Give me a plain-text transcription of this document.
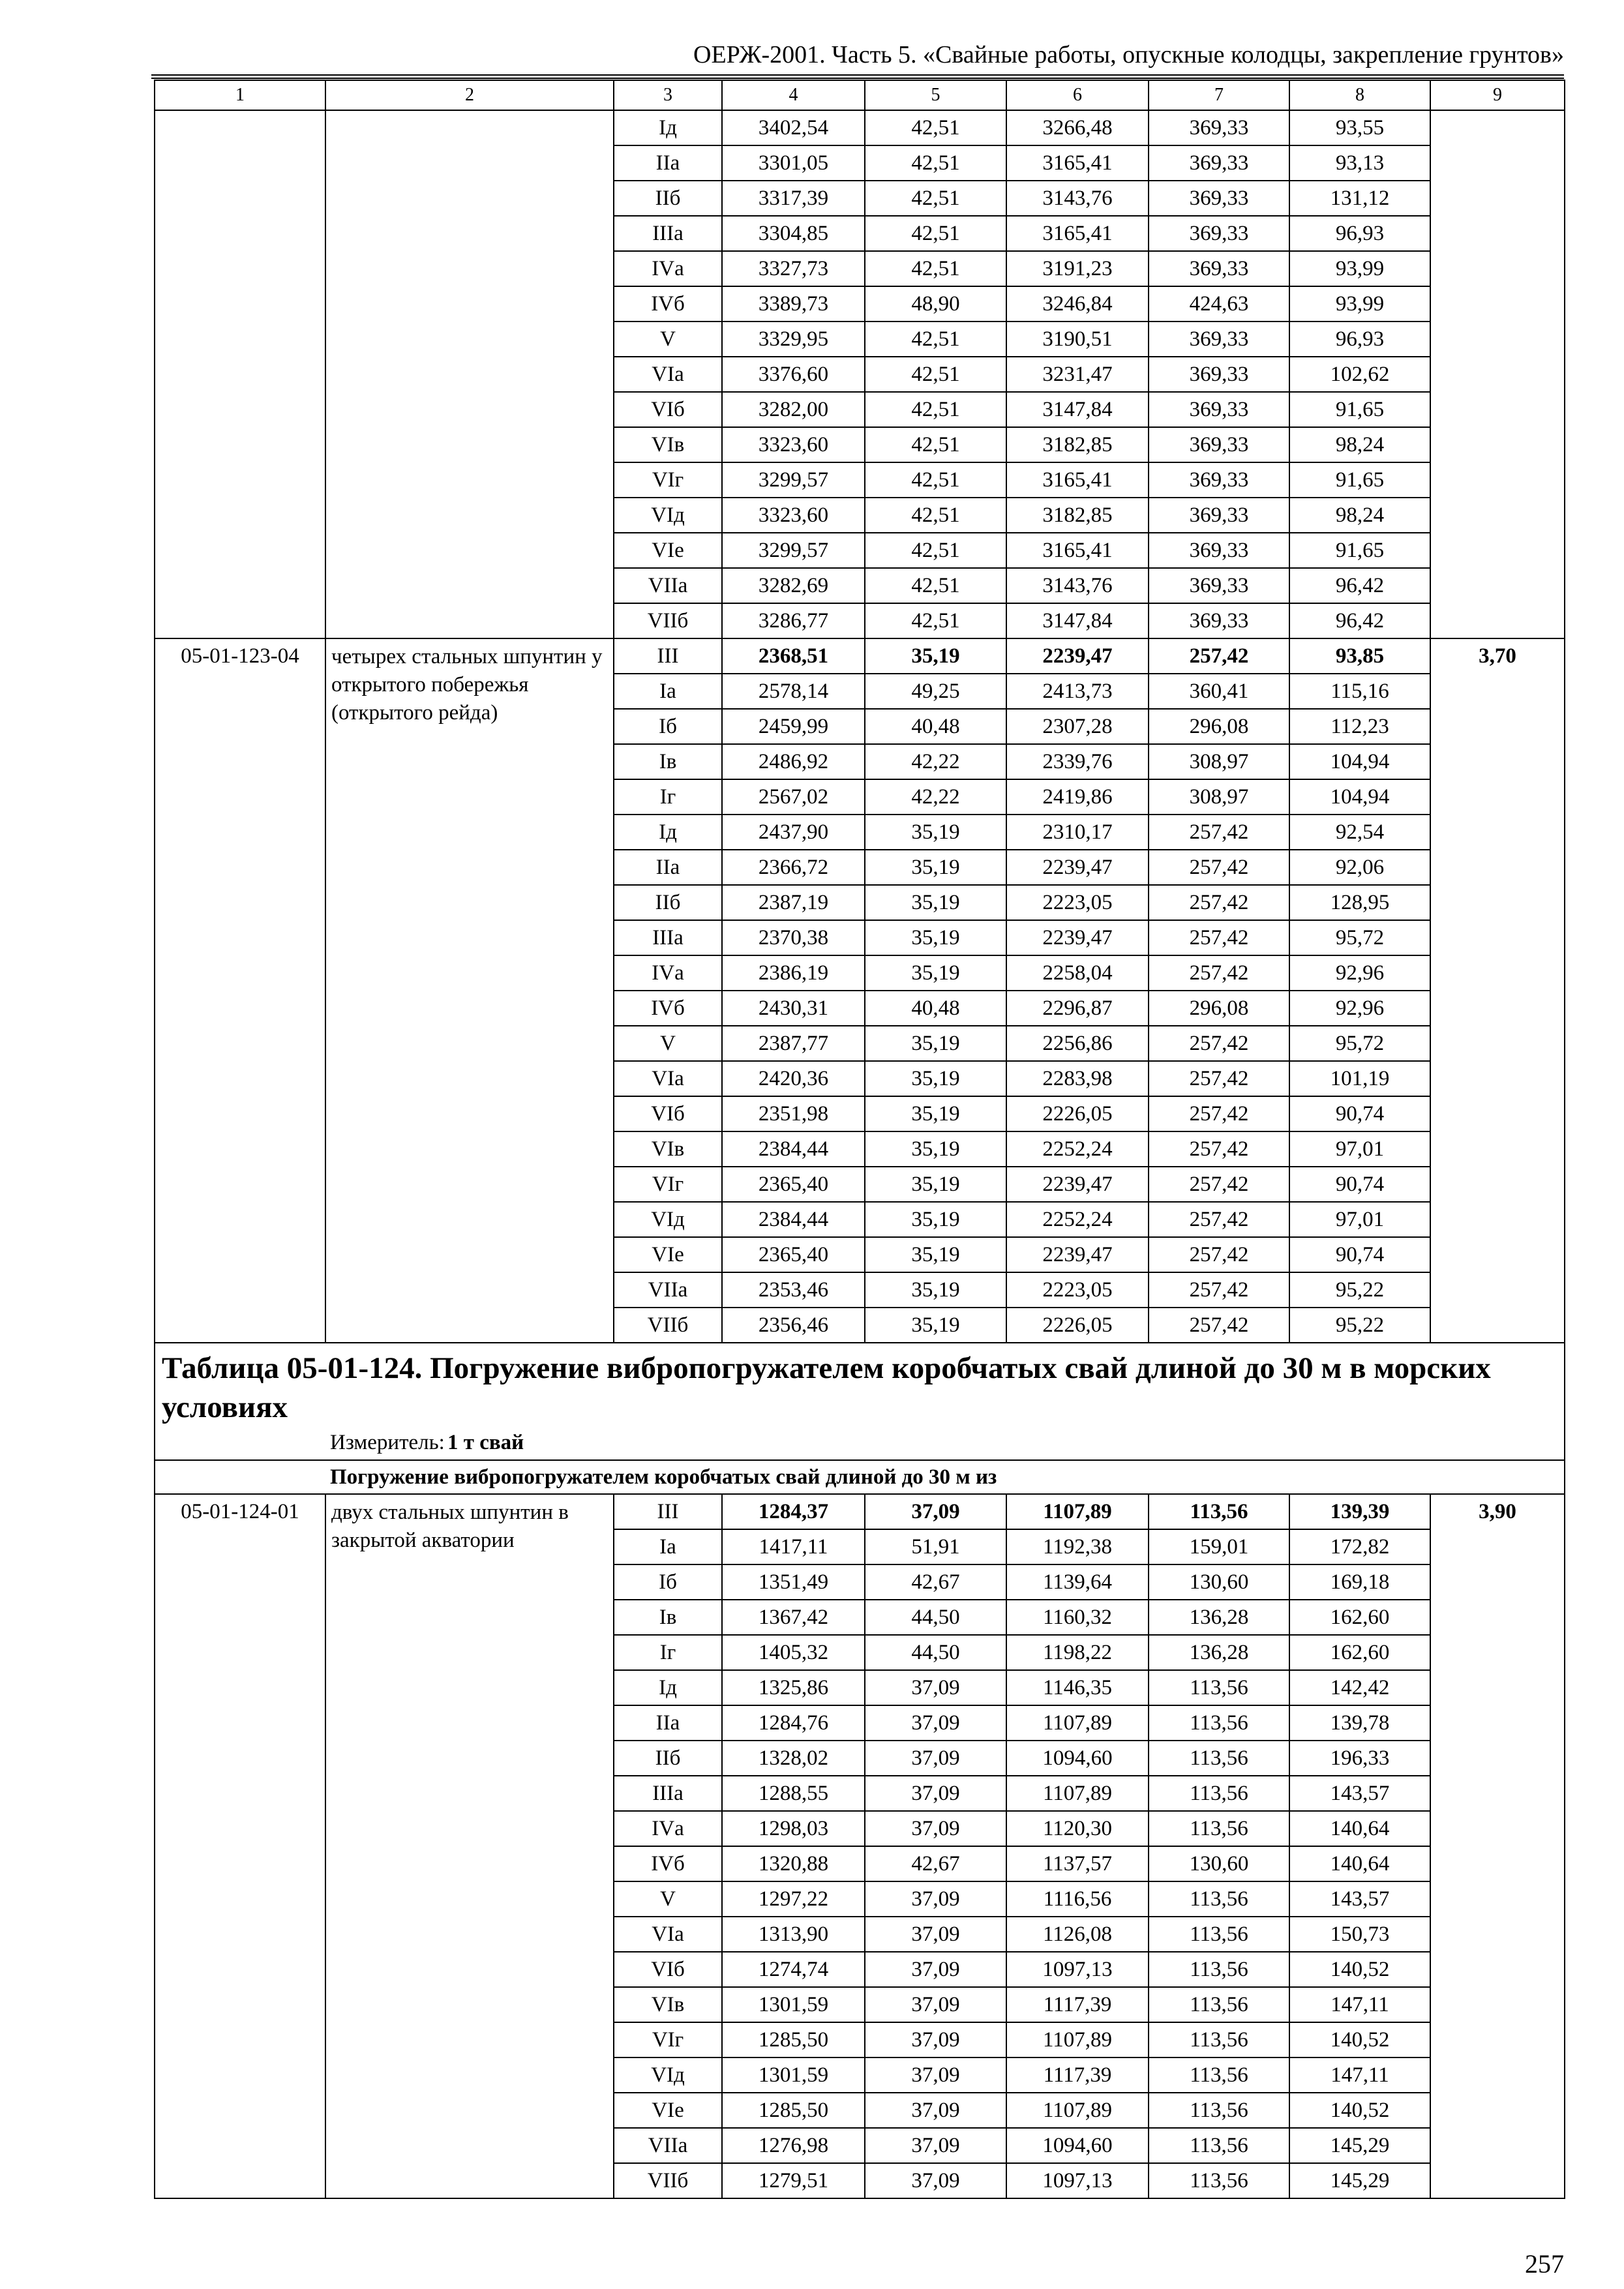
ОЕРЖ-2001. Часть 5. «Свайные работы, опускные колодцы, закрепление грунтов»
1	2	3	4	5	6	7	8	9
		Iд	3402,54	42,51	3266,48	369,33	93,55	
		IIа	3301,05	42,51	3165,41	369,33	93,13	
		IIб	3317,39	42,51	3143,76	369,33	131,12	
		IIIа	3304,85	42,51	3165,41	369,33	96,93	
		IVа	3327,73	42,51	3191,23	369,33	93,99	
		IVб	3389,73	48,90	3246,84	424,63	93,99	
		V	3329,95	42,51	3190,51	369,33	96,93	
		VIа	3376,60	42,51	3231,47	369,33	102,62	
		VIб	3282,00	42,51	3147,84	369,33	91,65	
		VIв	3323,60	42,51	3182,85	369,33	98,24	
		VIг	3299,57	42,51	3165,41	369,33	91,65	
		VIд	3323,60	42,51	3182,85	369,33	98,24	
		VIе	3299,57	42,51	3165,41	369,33	91,65	
		VIIа	3282,69	42,51	3143,76	369,33	96,42	
		VIIб	3286,77	42,51	3147,84	369,33	96,42	
05-01-123-04	четырех стальных шпунтин у открытого побережья (открытого рейда)	III	2368,51	35,19	2239,47	257,42	93,85	3,70
		Iа	2578,14	49,25	2413,73	360,41	115,16	
		Iб	2459,99	40,48	2307,28	296,08	112,23	
		Iв	2486,92	42,22	2339,76	308,97	104,94	
		Iг	2567,02	42,22	2419,86	308,97	104,94	
		Iд	2437,90	35,19	2310,17	257,42	92,54	
		IIа	2366,72	35,19	2239,47	257,42	92,06	
		IIб	2387,19	35,19	2223,05	257,42	128,95	
		IIIа	2370,38	35,19	2239,47	257,42	95,72	
		IVа	2386,19	35,19	2258,04	257,42	92,96	
		IVб	2430,31	40,48	2296,87	296,08	92,96	
		V	2387,77	35,19	2256,86	257,42	95,72	
		VIа	2420,36	35,19	2283,98	257,42	101,19	
		VIб	2351,98	35,19	2226,05	257,42	90,74	
		VIв	2384,44	35,19	2252,24	257,42	97,01	
		VIг	2365,40	35,19	2239,47	257,42	90,74	
		VIд	2384,44	35,19	2252,24	257,42	97,01	
		VIе	2365,40	35,19	2239,47	257,42	90,74	
		VIIа	2353,46	35,19	2223,05	257,42	95,22	
		VIIб	2356,46	35,19	2226,05	257,42	95,22	

Таблица 05-01-124. Погружение вибропогружателем коробчатых свай длиной до 30 м в морских условиях
Измеритель: 1 т свай								

Погружение вибропогружателем коробчатых свай длиной до 30 м из								
05-01-124-01	двух стальных шпунтин в закрытой акватории	III	1284,37	37,09	1107,89	113,56	139,39	3,90
		Iа	1417,11	51,91	1192,38	159,01	172,82	
		Iб	1351,49	42,67	1139,64	130,60	169,18	
		Iв	1367,42	44,50	1160,32	136,28	162,60	
		Iг	1405,32	44,50	1198,22	136,28	162,60	
		Iд	1325,86	37,09	1146,35	113,56	142,42	
		IIа	1284,76	37,09	1107,89	113,56	139,78	
		IIб	1328,02	37,09	1094,60	113,56	196,33	
		IIIа	1288,55	37,09	1107,89	113,56	143,57	
		IVа	1298,03	37,09	1120,30	113,56	140,64	
		IVб	1320,88	42,67	1137,57	130,60	140,64	
		V	1297,22	37,09	1116,56	113,56	143,57	
		VIа	1313,90	37,09	1126,08	113,56	150,73	
		VIб	1274,74	37,09	1097,13	113,56	140,52	
		VIв	1301,59	37,09	1117,39	113,56	147,11	
		VIг	1285,50	37,09	1107,89	113,56	140,52	
		VIд	1301,59	37,09	1117,39	113,56	147,11	
		VIе	1285,50	37,09	1107,89	113,56	140,52	
		VIIа	1276,98	37,09	1094,60	113,56	145,29	
		VIIб	1279,51	37,09	1097,13	113,56	145,29	
257
